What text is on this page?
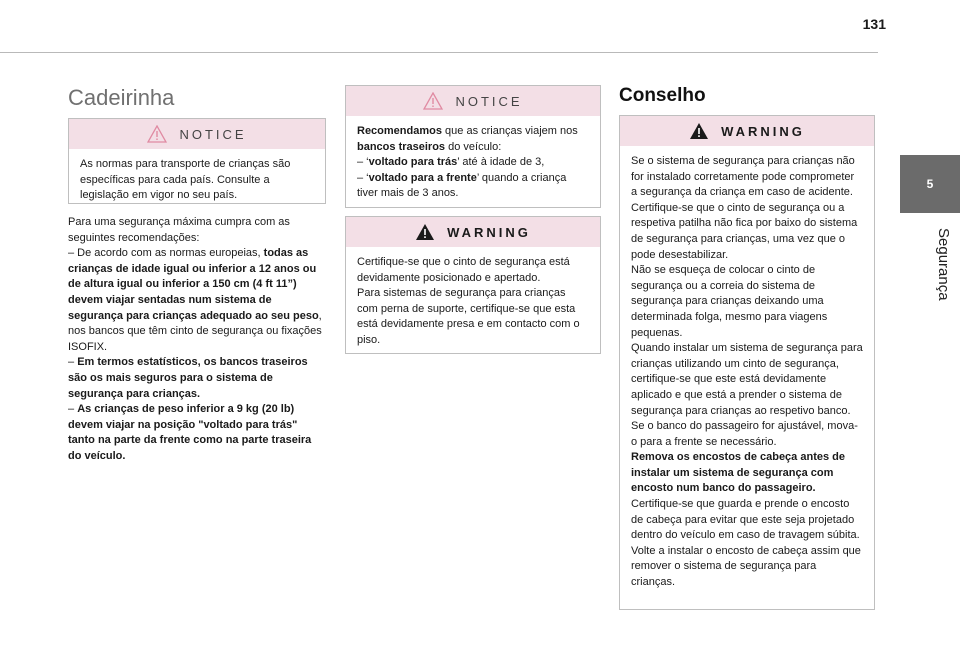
131
5
Segurança
Cadeirinha
NOTICE

As normas para transporte de crianças são específicas para cada país. Consulte a legislação em vigor no seu país.

Para uma segurança máxima cumpra com as seguintes recomendações:

– De acordo com as normas europeias, todas as crianças de idade igual ou inferior a 12 anos ou de altura igual ou inferior a 150 cm (4 ft 11”) devem viajar sentadas num sistema de segurança para crianças adequado ao seu peso, nos bancos que têm cinto de segurança ou fixações ISOFIX.

– Em termos estatísticos, os bancos traseiros são os mais seguros para o sistema de segurança para crianças.

– As crianças de peso inferior a 9 kg (20 lb) devem viajar na posição "voltado para trás" tanto na parte da frente como na parte traseira do veículo.

NOTICE

Recomendamos que as crianças viajem nos bancos traseiros do veículo:

– ‘voltado para trás’ até à idade de 3,

– ‘voltado para a frente’ quando a criança tiver mais de 3 anos.

WARNING

Certifique-se que o cinto de segurança está devidamente posicionado e apertado.

Para sistemas de segurança para crianças com perna de suporte, certifique-se que esta está devidamente presa e em contacto com o piso.

Conselho
WARNING

Se o sistema de segurança para crianças não for instalado corretamente pode comprometer a segurança da criança em caso de acidente.

Certifique-se que o cinto de segurança ou a respetiva patilha não fica por baixo do sistema de segurança para crianças, uma vez que o pode desestabilizar.

Não se esqueça de colocar o cinto de segurança ou a correia do sistema de segurança para crianças deixando uma determinada folga, mesmo para viagens pequenas.

Quando instalar um sistema de segurança para crianças utilizando um cinto de segurança, certifique-se que este está devidamente aplicado e que está a prender o sistema de segurança para crianças ao respetivo banco. Se o banco do passageiro for ajustável, mova-o para a frente se necessário.

Remova os encostos de cabeça antes de instalar um sistema de segurança com encosto num banco do passageiro.

Certifique-se que guarda e prende o encosto de cabeça para evitar que este seja projetado dentro do veículo em caso de travagem súbita. Volte a instalar o encosto de cabeça assim que remover o sistema de segurança para crianças.
